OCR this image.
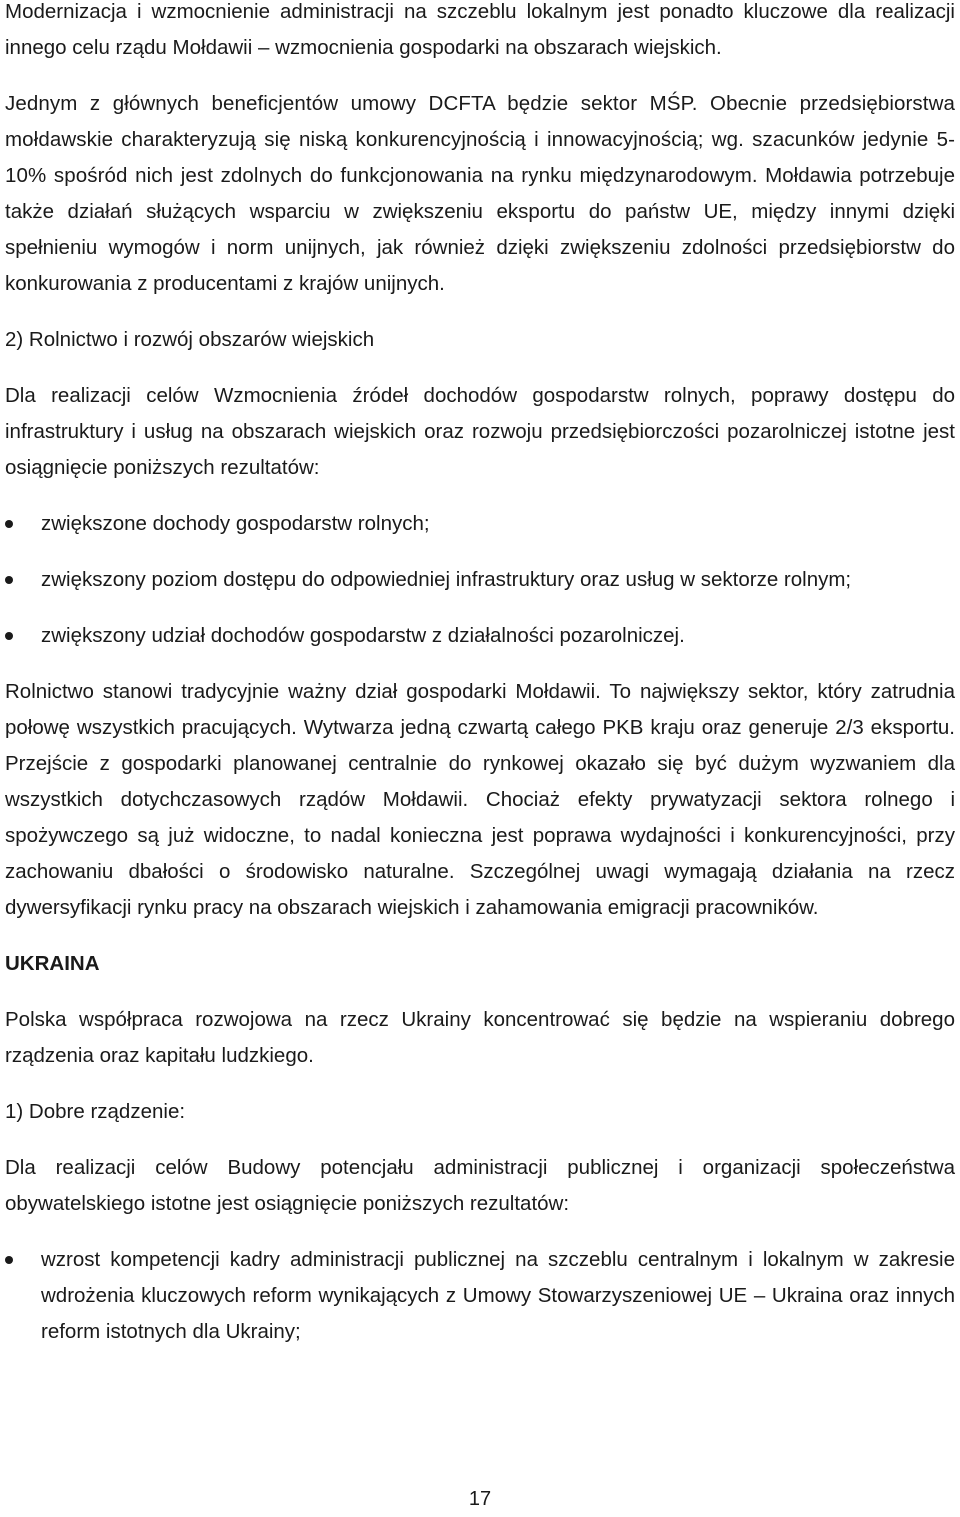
Modernizacja i wzmocnienie administracji na szczeblu lokalnym jest ponadto kluczowe dla realizacji innego celu rządu Mołdawii – wzmocnienia gospodarki na obszarach wiejskich.

Jednym z głównych beneficjentów umowy DCFTA będzie sektor MŚP. Obecnie przedsiębiorstwa mołdawskie charakteryzują się niską konkurencyjnością i innowacyjnością; wg. szacunków jedynie 5-10% spośród nich jest zdolnych do funkcjonowania na rynku międzynarodowym. Mołdawia potrzebuje także działań służących wsparciu w zwiększeniu eksportu do państw UE, między innymi dzięki spełnieniu wymogów i norm unijnych, jak również dzięki zwiększeniu zdolności przedsiębiorstw do konkurowania z producentami z krajów unijnych.

2) Rolnictwo i rozwój obszarów wiejskich

Dla realizacji celów Wzmocnienia źródeł dochodów gospodarstw rolnych, poprawy dostępu do infrastruktury i usług na obszarach wiejskich oraz rozwoju przedsiębiorczości pozarolniczej istotne jest osiągnięcie poniższych rezultatów:

zwiększone dochody gospodarstw rolnych;
zwiększony poziom dostępu do odpowiedniej infrastruktury oraz usług w sektorze rolnym;
zwiększony udział dochodów gospodarstw z działalności pozarolniczej.

Rolnictwo stanowi tradycyjnie ważny dział gospodarki Mołdawii. To największy sektor, który zatrudnia połowę wszystkich pracujących. Wytwarza jedną czwartą całego PKB kraju oraz generuje 2/3 eksportu. Przejście z gospodarki planowanej centralnie do rynkowej okazało się być dużym wyzwaniem dla wszystkich dotychczasowych rządów Mołdawii. Chociaż efekty prywatyzacji sektora rolnego i spożywczego są już widoczne, to nadal konieczna jest poprawa wydajności i konkurencyjności, przy zachowaniu dbałości o środowisko naturalne. Szczególnej uwagi wymagają działania na rzecz dywersyfikacji rynku pracy na obszarach wiejskich i zahamowania emigracji pracowników.

UKRAINA

Polska współpraca rozwojowa na rzecz Ukrainy koncentrować się będzie na wspieraniu dobrego rządzenia oraz kapitału ludzkiego.

1) Dobre rządzenie:

Dla realizacji celów Budowy potencjału administracji publicznej i organizacji społeczeństwa obywatelskiego istotne jest osiągnięcie poniższych rezultatów:

wzrost kompetencji kadry administracji publicznej na szczeblu centralnym i lokalnym w zakresie wdrożenia kluczowych reform wynikających z Umowy Stowarzyszeniowej UE – Ukraina oraz innych reform istotnych dla Ukrainy;
17
